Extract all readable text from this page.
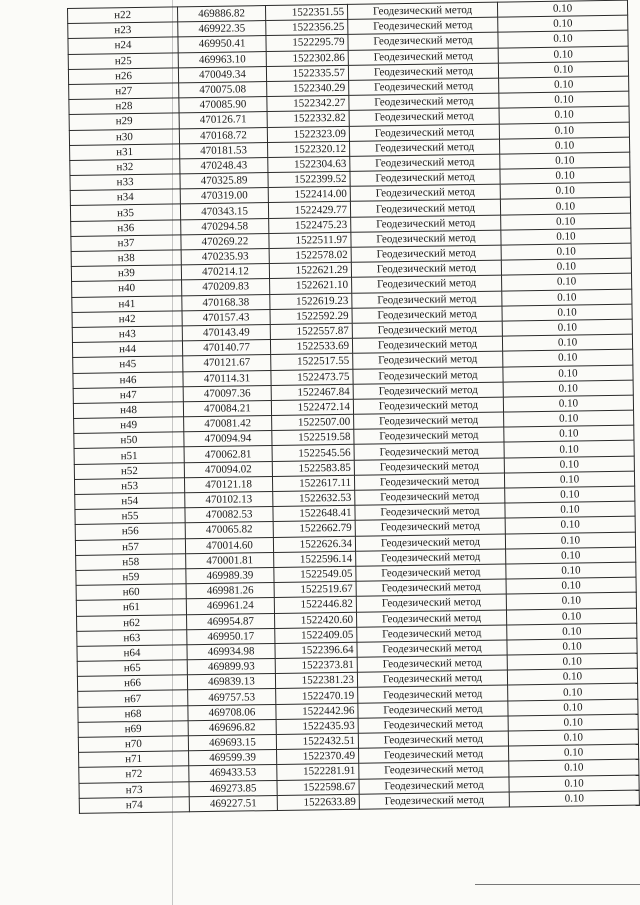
н22	469886.82	1522351.55	Геодезический метод	0.10
н23	469922.35	1522356.25	Геодезический метод	0.10
н24	469950.41	1522295.79	Геодезический метод	0.10
н25	469963.10	1522302.86	Геодезический метод	0.10
н26	470049.34	1522335.57	Геодезический метод	0.10
н27	470075.08	1522340.29	Геодезический метод	0.10
н28	470085.90	1522342.27	Геодезический метод	0.10
н29	470126.71	1522332.82	Геодезический метод	0.10
н30	470168.72	1522323.09	Геодезический метод	0.10
н31	470181.53	1522320.12	Геодезический метод	0.10
н32	470248.43	1522304.63	Геодезический метод	0.10
н33	470325.89	1522399.52	Геодезический метод	0.10
н34	470319.00	1522414.00	Геодезический метод	0.10
н35	470343.15	1522429.77	Геодезический метод	0.10
н36	470294.58	1522475.23	Геодезический метод	0.10
н37	470269.22	1522511.97	Геодезический метод	0.10
н38	470235.93	1522578.02	Геодезический метод	0.10
н39	470214.12	1522621.29	Геодезический метод	0.10
н40	470209.83	1522621.10	Геодезический метод	0.10
н41	470168.38	1522619.23	Геодезический метод	0.10
н42	470157.43	1522592.29	Геодезический метод	0.10
н43	470143.49	1522557.87	Геодезический метод	0.10
н44	470140.77	1522533.69	Геодезический метод	0.10
н45	470121.67	1522517.55	Геодезический метод	0.10
н46	470114.31	1522473.75	Геодезический метод	0.10
н47	470097.36	1522467.84	Геодезический метод	0.10
н48	470084.21	1522472.14	Геодезический метод	0.10
н49	470081.42	1522507.00	Геодезический метод	0.10
н50	470094.94	1522519.58	Геодезический метод	0.10
н51	470062.81	1522545.56	Геодезический метод	0.10
н52	470094.02	1522583.85	Геодезический метод	0.10
н53	470121.18	1522617.11	Геодезический метод	0.10
н54	470102.13	1522632.53	Геодезический метод	0.10
н55	470082.53	1522648.41	Геодезический метод	0.10
н56	470065.82	1522662.79	Геодезический метод	0.10
н57	470014.60	1522626.34	Геодезический метод	0.10
н58	470001.81	1522596.14	Геодезический метод	0.10
н59	469989.39	1522549.05	Геодезический метод	0.10
н60	469981.26	1522519.67	Геодезический метод	0.10
н61	469961.24	1522446.82	Геодезический метод	0.10
н62	469954.87	1522420.60	Геодезический метод	0.10
н63	469950.17	1522409.05	Геодезический метод	0.10
н64	469934.98	1522396.64	Геодезический метод	0.10
н65	469899.93	1522373.81	Геодезический метод	0.10
н66	469839.13	1522381.23	Геодезический метод	0.10
н67	469757.53	1522470.19	Геодезический метод	0.10
н68	469708.06	1522442.96	Геодезический метод	0.10
н69	469696.82	1522435.93	Геодезический метод	0.10
н70	469693.15	1522432.51	Геодезический метод	0.10
н71	469599.39	1522370.49	Геодезический метод	0.10
н72	469433.53	1522281.91	Геодезический метод	0.10
н73	469273.85	1522598.67	Геодезический метод	0.10
н74	469227.51	1522633.89	Геодезический метод	0.10
